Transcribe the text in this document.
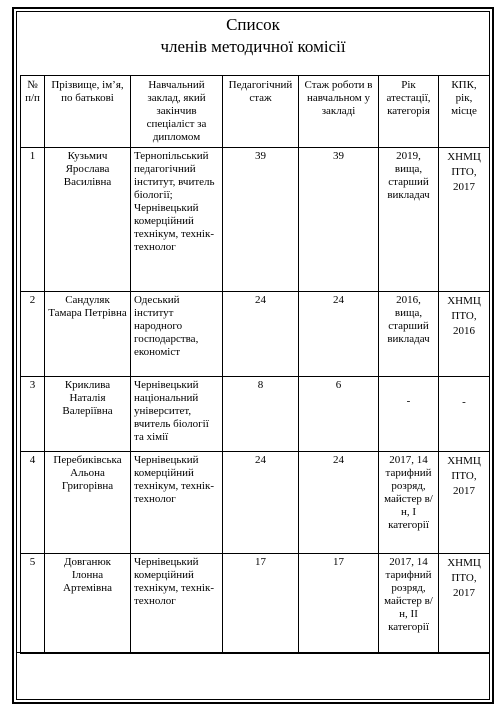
Список
членів методичної комісії
№ п/п	Прізвище, ім’я, по батькові	Навчальний заклад, який закінчив спеціаліст за дипломом	Педагогічний стаж	Стаж роботи в навчальном у закладі	Рік атестації, категорія	КПК, рік, місце
1	Кузьмич Ярослава Василівна	Тернопільський педагогічний інститут, вчитель біології; Чернівецький комерційний технікум, технік-технолог	39	39	2019, вища, старший викладач	ХНМЦ ПТО, 2017
2	Сандуляк Тамара Петрівна	Одеський інститут народного господарства, економіст	24	24	2016, вища, старший викладач	ХНМЦ ПТО, 2016
3	Криклива Наталія Валеріївна	Чернівецький національний університет, вчитель біології та хімії	8	6	-	-
4	Перебиківська Альона Григорівна	Чернівецький комерційний технікум, технік-технолог	24	24	2017, 14 тарифний розряд, майстер в/н, І категорії	ХНМЦ ПТО, 2017
5	Довганюк Ілонна Артемівна	Чернівецький комерційний технікум, технік-технолог	17	17	2017, 14 тарифний розряд, майстер в/н, ІІ категорії	ХНМЦ ПТО, 2017
